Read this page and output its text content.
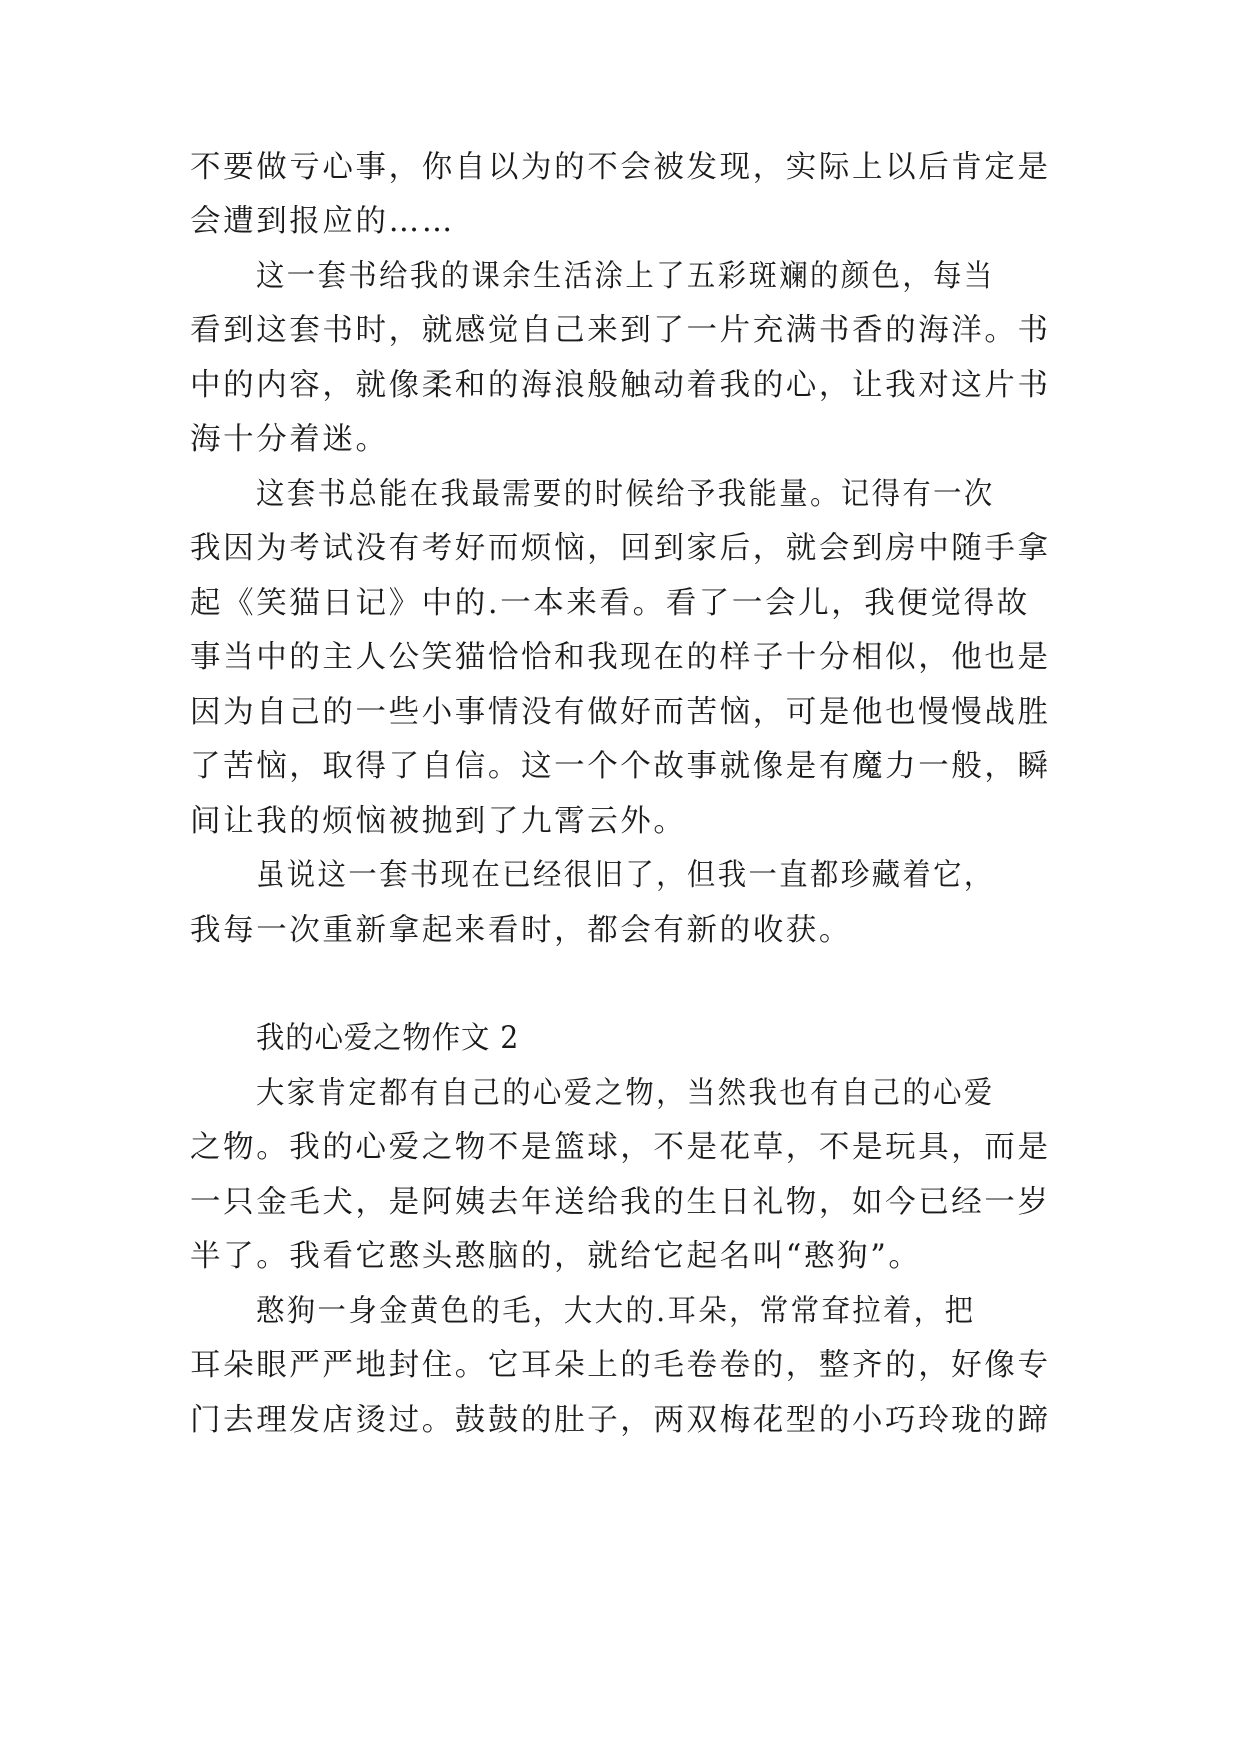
不要做亏心事，你自以为的不会被发现，实际上以后肯定是
会遭到报应的……
这一套书给我的课余生活涂上了五彩斑斓的颜色，每当
看到这套书时，就感觉自己来到了一片充满书香的海洋。书
中的内容，就像柔和的海浪般触动着我的心，让我对这片书
海十分着迷。
这套书总能在我最需要的时候给予我能量。记得有一次
我因为考试没有考好而烦恼，回到家后，就会到房中随手拿
起《笑猫日记》中的.一本来看。看了一会儿，我便觉得故
事当中的主人公笑猫恰恰和我现在的样子十分相似，他也是
因为自己的一些小事情没有做好而苦恼，可是他也慢慢战胜
了苦恼，取得了自信。这一个个故事就像是有魔力一般，瞬
间让我的烦恼被抛到了九霄云外。
虽说这一套书现在已经很旧了，但我一直都珍藏着它，
我每一次重新拿起来看时，都会有新的收获。
我的心爱之物作文 2
大家肯定都有自己的心爱之物，当然我也有自己的心爱
之物。我的心爱之物不是篮球，不是花草，不是玩具，而是
一只金毛犬，是阿姨去年送给我的生日礼物，如今已经一岁
半了。我看它憨头憨脑的，就给它起名叫“憨狗”。
憨狗一身金黄色的毛，大大的.耳朵，常常耷拉着，把
耳朵眼严严地封住。它耳朵上的毛卷卷的，整齐的，好像专
门去理发店烫过。鼓鼓的肚子，两双梅花型的小巧玲珑的蹄
